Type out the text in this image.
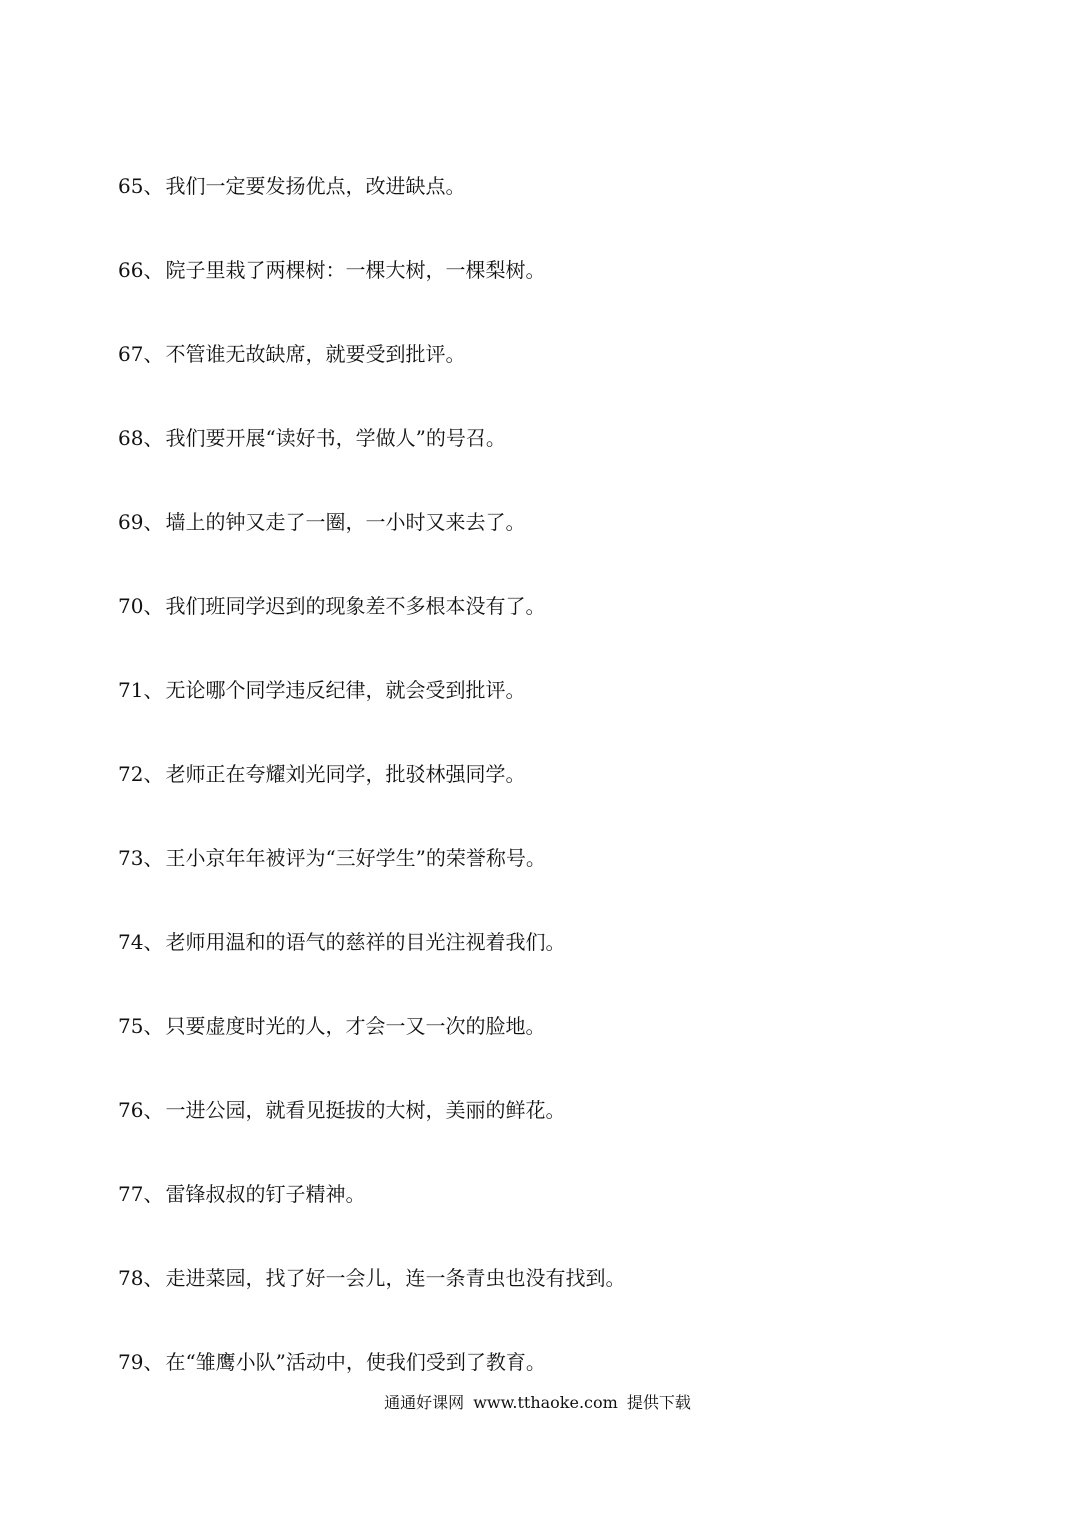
65、 我们一定要发扬优点，改进缺点。
66、 院子里栽了两棵树：一棵大树，一棵梨树。
67、 不管谁无故缺席，就要受到批评。
68、 我们要开展“读好书，学做人”的号召。
69、 墙上的钟又走了一圈，一小时又来去了。
70、 我们班同学迟到的现象差不多根本没有了。
71、 无论哪个同学违反纪律，就会受到批评。
72、 老师正在夸耀刘光同学，批驳林强同学。
73、 王小京年年被评为“三好学生”的荣誉称号。
74、 老师用温和的语气的慈祥的目光注视着我们。
75、 只要虚度时光的人，才会一又一次的脸地。
76、 一进公园，就看见挺拔的大树，美丽的鲜花。
77、 雷锋叔叔的钉子精神。
78、 走进菜园，找了好一会儿，连一条青虫也没有找到。
79、 在“雏鹰小队”活动中，使我们受到了教育。
通通好课网 www.tthaoke.com 提供下载
